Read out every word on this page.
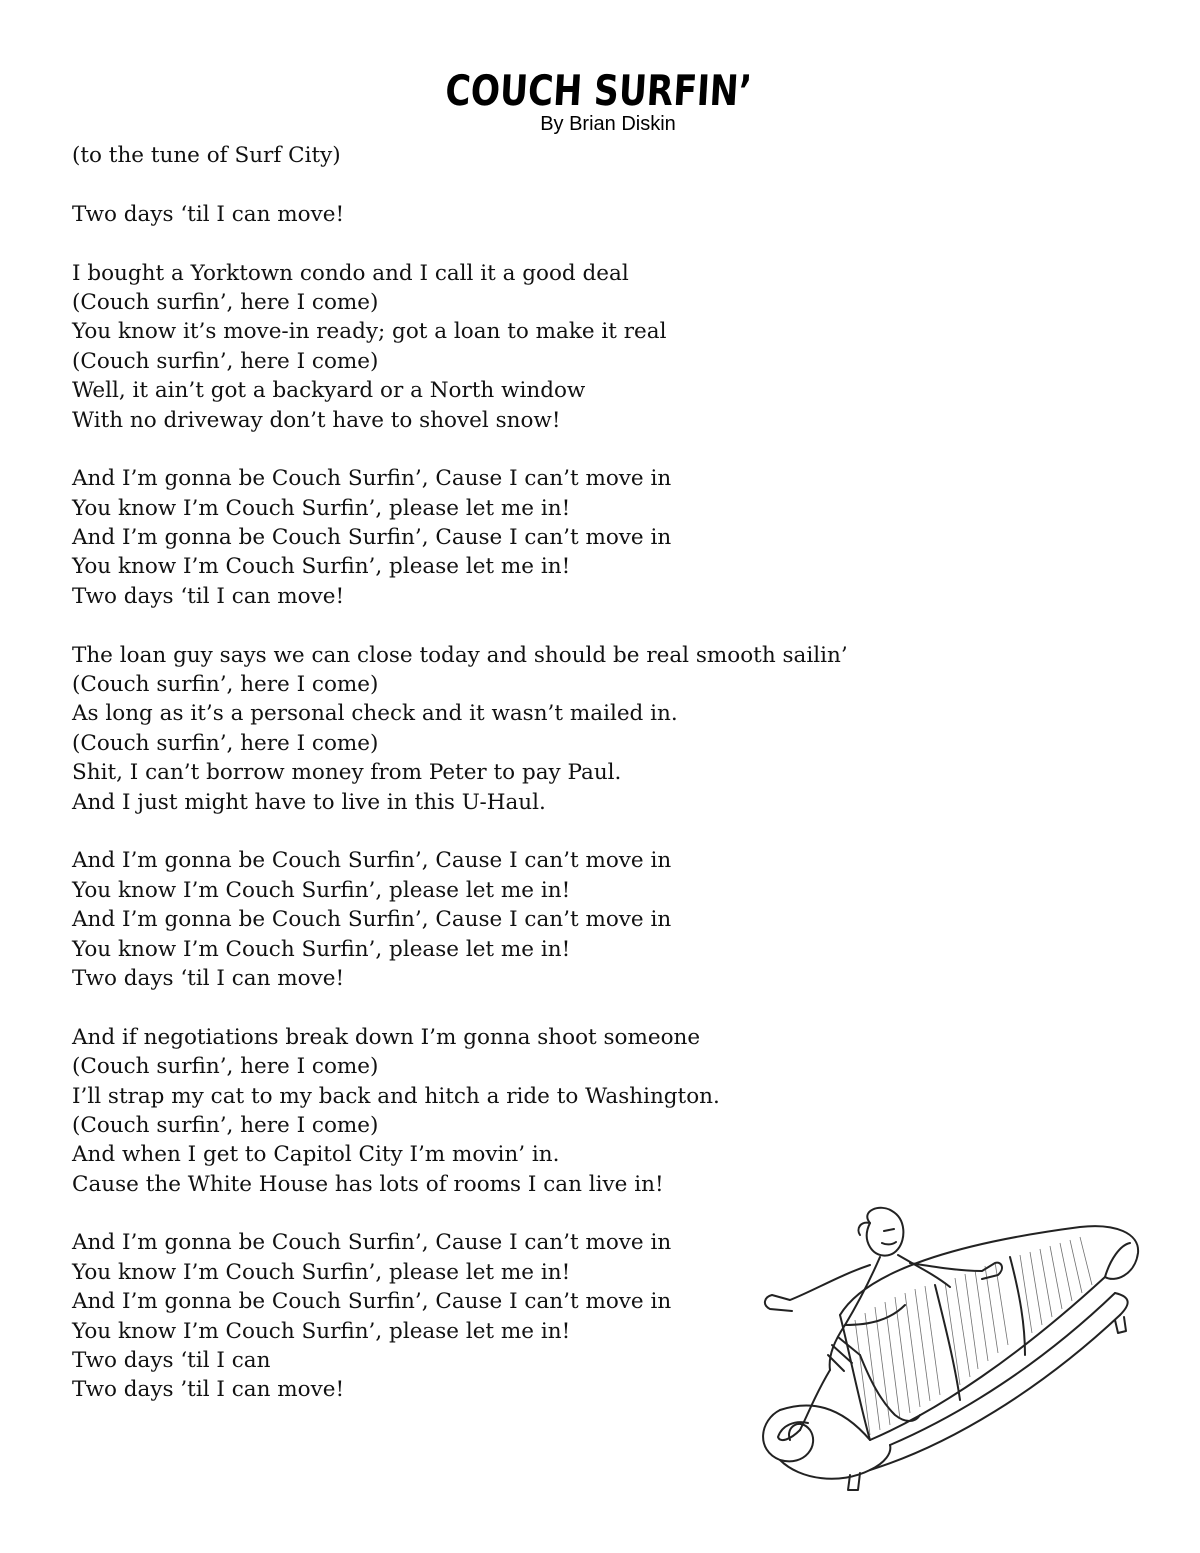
COUCH SURFIN’
By Brian Diskin
(to the tune of Surf City)
Two days ‘til I can move!
I bought a Yorktown condo and I call it a good deal
(Couch surfin’, here I come)
You know it’s move-in ready; got a loan to make it real
(Couch surfin’, here I come)
Well, it ain’t got a backyard or a North window
With no driveway don’t have to shovel snow!
And I’m gonna be Couch Surfin’, Cause I can’t move in
You know I’m Couch Surfin’, please let me in!
And I’m gonna be Couch Surfin’, Cause I can’t move in
You know I’m Couch Surfin’, please let me in!
Two days ‘til I can move!
The loan guy says we can close today and should be real smooth sailin’
(Couch surfin’, here I come)
As long as it’s a personal check and it wasn’t mailed in.
(Couch surfin’, here I come)
Shit, I can’t borrow money from Peter to pay Paul.
And I just might have to live in this U-Haul.
And I’m gonna be Couch Surfin’, Cause I can’t move in
You know I’m Couch Surfin’, please let me in!
And I’m gonna be Couch Surfin’, Cause I can’t move in
You know I’m Couch Surfin’, please let me in!
Two days ‘til I can move!
And if negotiations break down I’m gonna shoot someone
(Couch surfin’, here I come)
I’ll strap my cat to my back and hitch a ride to Washington.
(Couch surfin’, here I come)
And when I get to Capitol City I’m movin’ in.
Cause the White House has lots of rooms I can live in!
And I’m gonna be Couch Surfin’, Cause I can’t move in
You know I’m Couch Surfin’, please let me in!
And I’m gonna be Couch Surfin’, Cause I can’t move in
You know I’m Couch Surfin’, please let me in!
Two days ‘til I can
Two days ’til I can move!
